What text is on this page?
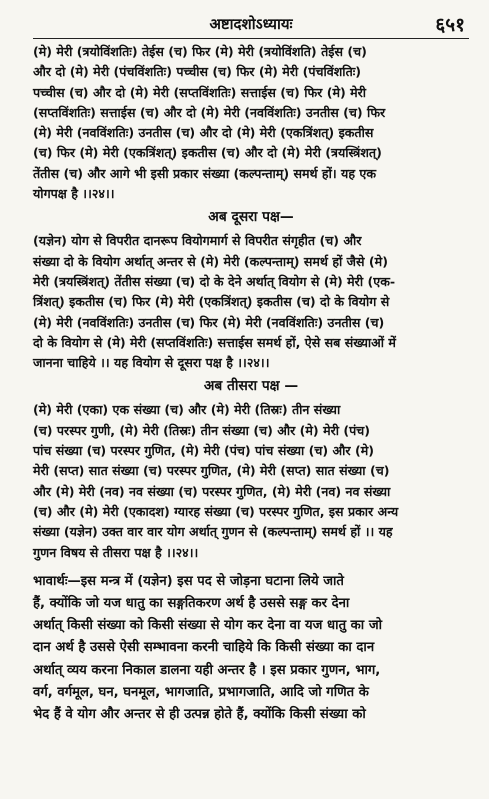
अष्टादशोऽध्यायः	६५१

(मे) मेरी (त्रयोविंशतिः) तेईस (च) फिर (मे) मेरी (त्रयोविंशति) तेईस (च)

और दो (मे) मेरी (पंचविंशतिः) पच्चीस (च) फिर (मे) मेरी (पंचविंशतिः)

पच्चीस (च) और दो (मे) मेरी (सप्तविंशतिः) सत्ताईस (च) फिर (मे) मेरी

(सप्तविंशतिः) सत्ताईस (च) और दो (मे) मेरी (नवविंशतिः) उनतीस (च) फिर

(मे) मेरी (नवविंशतिः) उनतीस (च) और दो (मे) मेरी (एकत्रिंशत्) इकतीस

(च) फिर (मे) मेरी (एकत्रिंशत्) इकतीस (च) और दो (मे) मेरी (त्रयस्त्रिंशत्)

तेंतीस (च) और आगे भी इसी प्रकार संख्या (कल्पन्ताम्) समर्थ हों। यह एक

योगपक्ष है ।।२४।।

अब दूसरा पक्ष—

(यज्ञेन) योग से विपरीत दानरूप वियोगमार्ग से विपरीत संगृहीत (च) और

संख्या दो के वियोग अर्थात् अन्तर से (मे) मेरी (कल्पन्ताम्) समर्थ हों जैसे (मे)

मेरी (त्रयस्त्रिंशत्) तेंतीस संख्या (च) दो के देने अर्थात् वियोग से (मे) मेरी (एक-

त्रिंशत्) इकतीस (च) फिर (मे) मेरी (एकत्रिंशत्) इकतीस (च) दो के वियोग से

(मे) मेरी (नवविंशतिः) उनतीस (च) फिर (मे) मेरी (नवविंशतिः) उनतीस (च)

दो के वियोग से (मे) मेरी (सप्तविंशतिः) सत्ताईस समर्थ हों, ऐसे सब संख्याओं में

जानना चाहिये ।। यह वियोग से दूसरा पक्ष है ।।२४।।

अब तीसरा पक्ष —

(मे) मेरी (एका) एक संख्या (च) और (मे) मेरी (तिस्रः) तीन संख्या

(च) परस्पर गुणी, (मे) मेरी (तिस्रः) तीन संख्या (च) और (मे) मेरी (पंच)

पांच संख्या (च) परस्पर गुणित, (मे) मेरी (पंच) पांच संख्या (च) और (मे)

मेरी (सप्त) सात संख्या (च) परस्पर गुणित, (मे) मेरी (सप्त) सात संख्या (च)

और (मे) मेरी (नव) नव संख्या (च) परस्पर गुणित, (मे) मेरी (नव) नव संख्या

(च) और (मे) मेरी (एकादश) ग्यारह संख्या (च) परस्पर गुणित, इस प्रकार अन्य

संख्या (यज्ञेन) उक्त वार वार योग अर्थात् गुणन से (कल्पन्ताम्) समर्थ हों ।। यह

गुणन विषय से तीसरा पक्ष है ।।२४।।

भावार्थः—इस मन्त्र में (यज्ञेन) इस पद से जोड़ना घटाना लिये जाते

हैं, क्योंकि जो यज धातु का सङ्गतिकरण अर्थ है उससे सङ्ग कर देना

अर्थात् किसी संख्या को किसी संख्या से योग कर देना वा यज धातु का जो

दान अर्थ है उससे ऐसी सम्भावना करनी चाहिये कि किसी संख्या का दान

अर्थात् व्यय करना निकाल डालना यही अन्तर है । इस प्रकार गुणन, भाग,

वर्ग, वर्गमूल, घन, घनमूल, भागजाति, प्रभागजाति, आदि जो गणित के

भेद हैं वे योग और अन्तर से ही उत्पन्न होते हैं, क्योंकि किसी संख्या को
